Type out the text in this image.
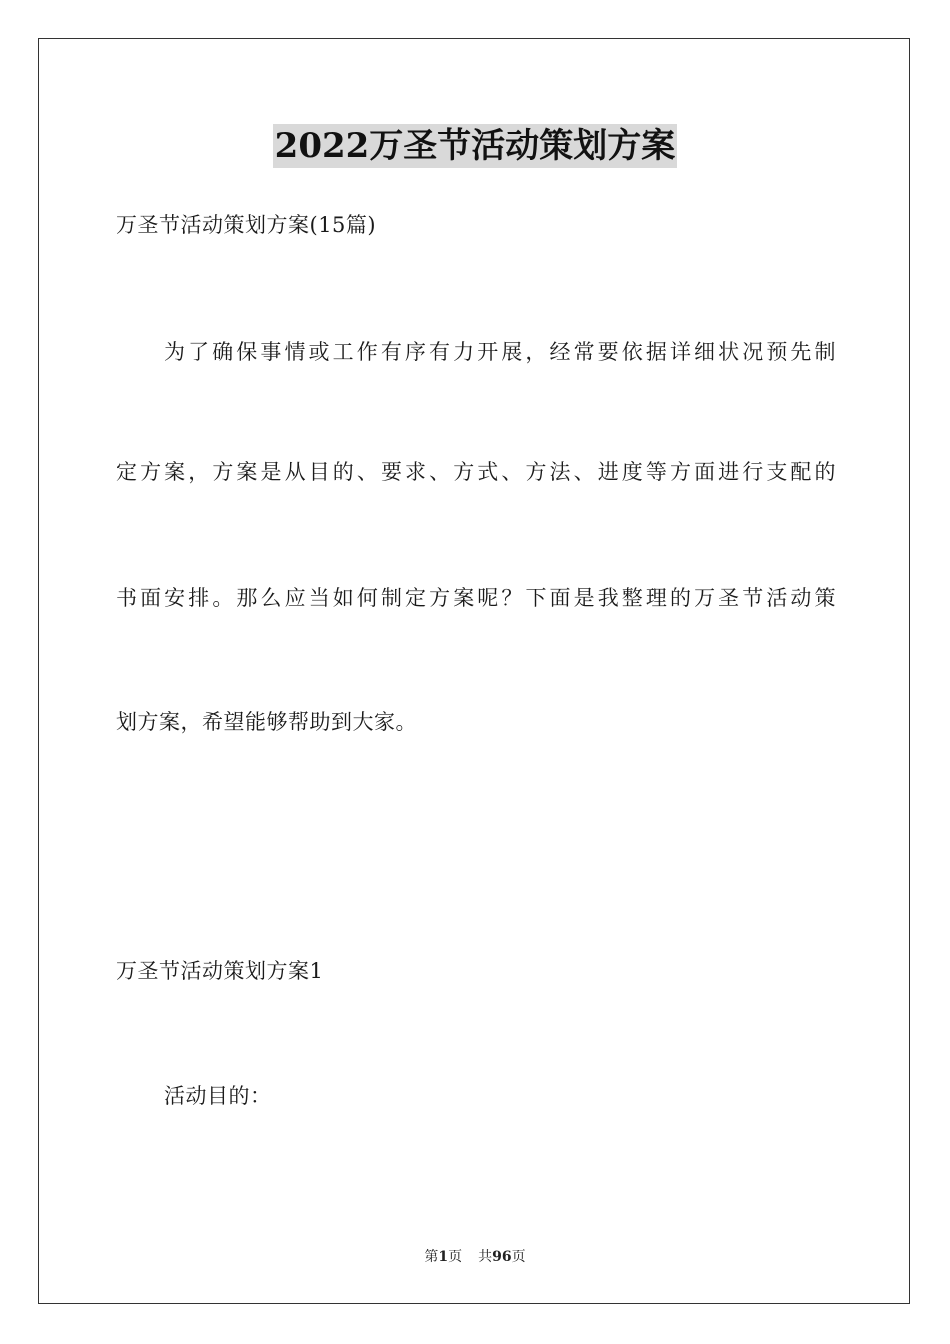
2022万圣节活动策划方案
万圣节活动策划方案(15篇)
为了确保事情或工作有序有力开展，经常要依据详细状况预先制
定方案，方案是从目的、要求、方式、方法、进度等方面进行支配的
书面安排。那么应当如何制定方案呢？下面是我整理的万圣节活动策
划方案，希望能够帮助到大家。
万圣节活动策划方案1
活动目的：
第1页 共96页
